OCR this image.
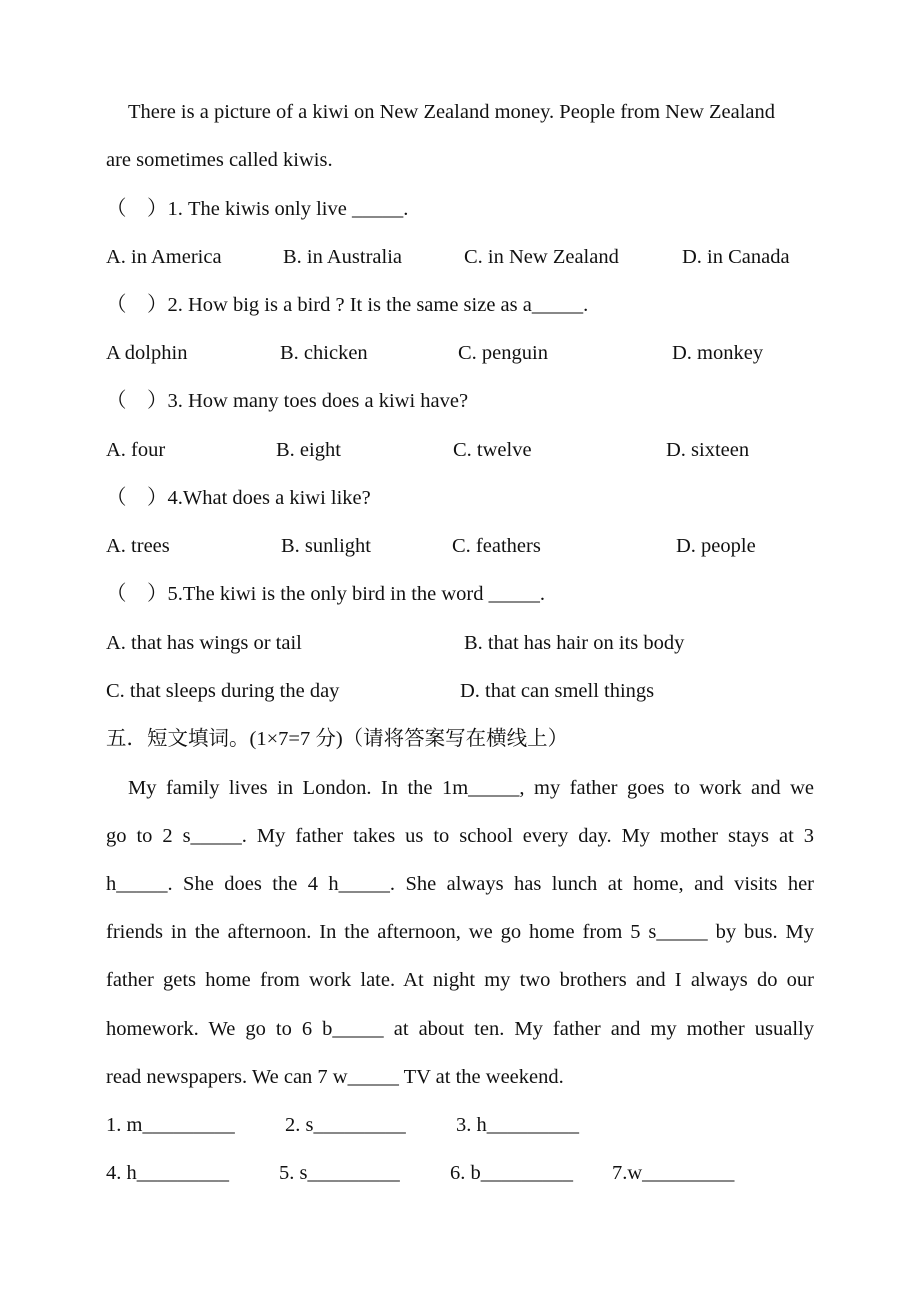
There is a picture of a kiwi on New Zealand money. People from New Zealand
are sometimes called kiwis.
（    ）1. The kiwis only live _____.
A. in America	B. in Australia	C. in New Zealand	D. in Canada
（    ）2. How big is a bird ? It is the same size as a_____.
A dolphin	B. chicken	C. penguin	D. monkey
（    ）3. How many toes does a kiwi have?
A. four	B. eight	C. twelve	D. sixteen
（    ）4.What does a kiwi like?
A. trees	B. sunlight	C. feathers	D. people
（    ）5.The kiwi is the only bird in the word _____.
A. that has wings or tail	B. that has hair on its body
C. that sleeps during the day	D. that can smell things
五．短文填词。(1×7=7 分)（请将答案写在横线上）
My family lives in London. In the 1m_____, my father goes to work and we
go to 2 s_____. My father takes us to school every day. My mother stays at 3
h_____. She does the 4 h_____. She always has lunch at home, and visits her
friends in the afternoon. In the afternoon, we go home from 5 s_____ by bus. My
father gets home from work late. At night my two brothers and I always do our
homework. We go to 6 b_____ at about ten. My father and my mother usually
read newspapers. We can 7 w_____ TV at the weekend.
1. m_________ 2. s_________ 3. h_________
4. h_________ 5. s_________ 6. b_________ 7.w_________
